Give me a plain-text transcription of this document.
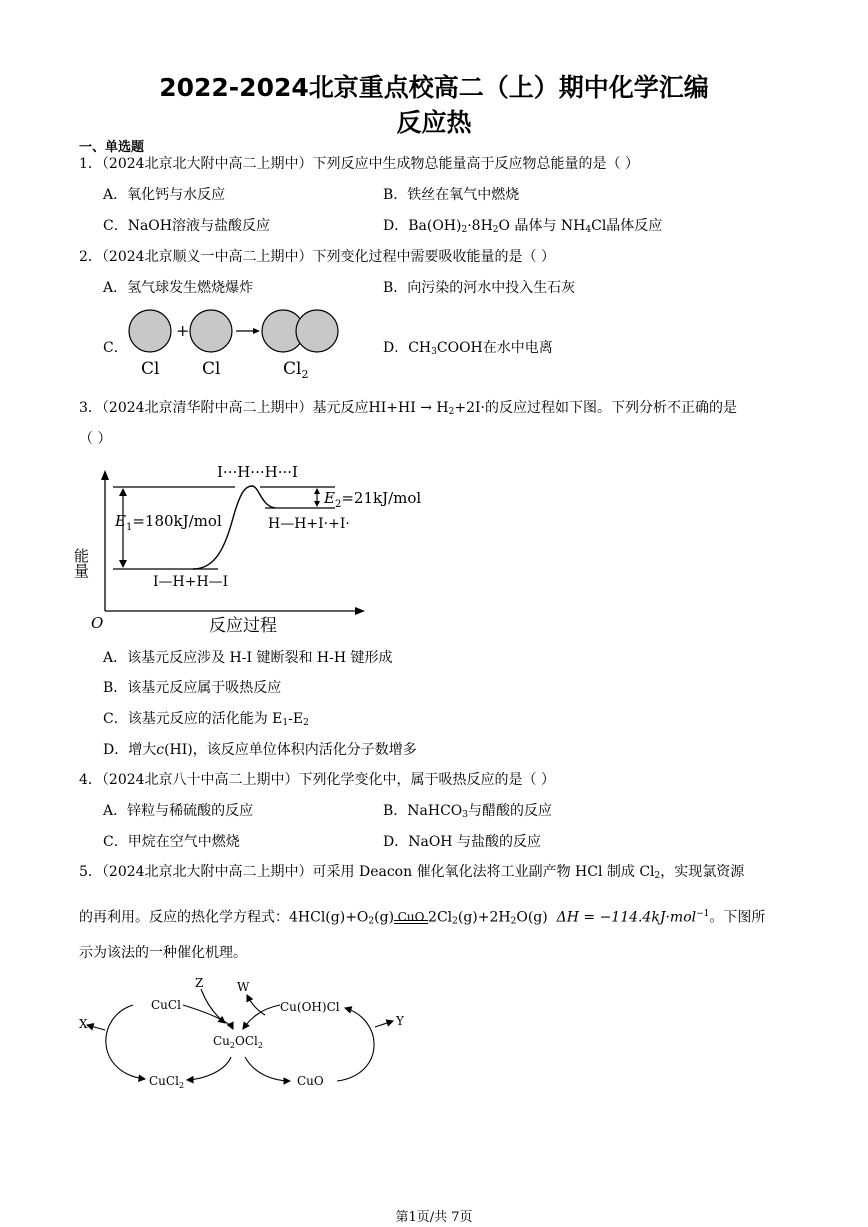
2022-2024北京重点校高二（上）期中化学汇编
反应热
一、单选题
1．（2024北京北大附中高二上期中）下列反应中生成物总能量高于反应物总能量的是（ ）
A．氧化钙与水反应	B．铁丝在氧气中燃烧
C．NaOH溶液与盐酸反应	D．$Ba(OH)_2\cdot 8H_2O$ 晶体与 $NH_4Cl$晶体反应
2．（2024北京顺义一中高二上期中）下列变化过程中需要吸收能量的是（ ）
A．氢气球发生燃烧爆炸	B．向污染的河水中投入生石灰
C．	D．$CH_3COOH$在水中电离
+
Cl	Cl	$Cl_2$
3．（2024北京清华附中高二上期中）基元反应$HI+HI \to H_2+2I\cdot$的反应过程如下图。下列分析不正确的是
（ ）
I···H···H···I
$E_1=180kJ$/mol
$E_2=21kJ$/mol
H—H+I·+I·
I—H+H—I
能量
O	反应过程
A．该基元反应涉及 H-I 键断裂和 H-H 键形成
B．该基元反应属于吸热反应
C．该基元反应的活化能为 $E_1-E_2$
D．增大c(HI)，该反应单位体积内活化分子数增多
4．（2024北京八十中高二上期中）下列化学变化中，属于吸热反应的是（ ）
A．锌粒与稀硫酸的反应	B．NaHCO$_3$与醋酸的反应
C．甲烷在空气中燃烧	D．NaOH 与盐酸的反应
5．（2024北京北大附中高二上期中）可采用 Deacon 催化氧化法将工业副产物 HCl 制成 $Cl_2$，实现氯资源
的再利用。反应的热化学方程式：$4HCl(g)+O_2(g)$ CuO $2Cl_2(g)+2H_2O(g) \Delta H = -114.4kJ\cdot mol^{-1}$。下图所
示为该法的一种催化机理。
CuCl	Cu(OH)Cl
$Cu_2OCl_2$
CuCl$_2$	CuO
X	Y
Z	W
第1页/共 7页
